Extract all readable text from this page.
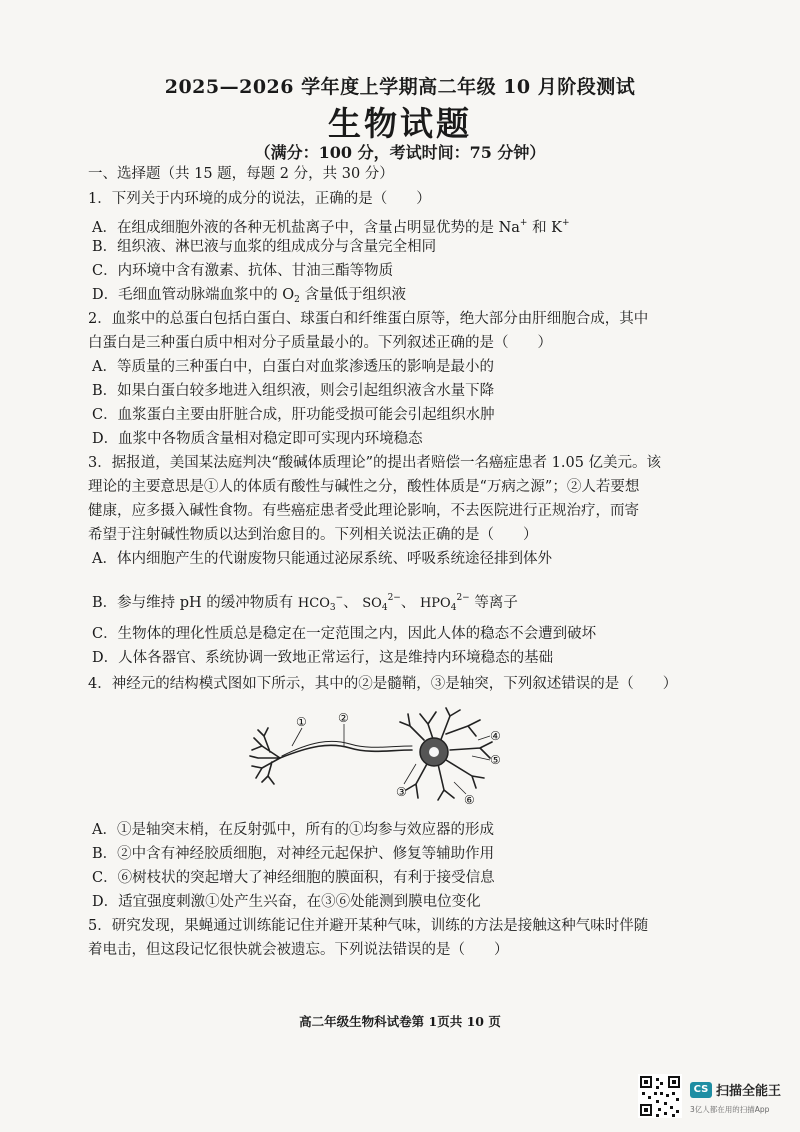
2025—2026 学年度上学期高二年级 10 月阶段测试
生物试题
（满分：100 分，考试时间：75 分钟）
一、选择题（共 15 题，每题 2 分，共 30 分）
1．下列关于内环境的成分的说法，正确的是（　　）
A．在组成细胞外液的各种无机盐离子中，含量占明显优势的是 Na+ 和 K+
B．组织液、淋巴液与血浆的组成成分与含量完全相同
C．内环境中含有激素、抗体、甘油三酯等物质
D．毛细血管动脉端血浆中的 $O_2$ 含量低于组织液
2．血浆中的总蛋白包括白蛋白、球蛋白和纤维蛋白原等，绝大部分由肝细胞合成，其中
白蛋白是三种蛋白质中相对分子质量最小的。下列叙述正确的是（　　）
A．等质量的三种蛋白中，白蛋白对血浆渗透压的影响是最小的
B．如果白蛋白较多地进入组织液，则会引起组织液含水量下降
C．血浆蛋白主要由肝脏合成，肝功能受损可能会引起组织水肿
D．血浆中各物质含量相对稳定即可实现内环境稳态
3．据报道，美国某法庭判决“酸碱体质理论”的提出者赔偿一名癌症患者 1.05 亿美元。该
理论的主要意思是①人的体质有酸性与碱性之分，酸性体质是“万病之源”；②人若要想
健康，应多摄入碱性食物。有些癌症患者受此理论影响，不去医院进行正规治疗，而寄
希望于注射碱性物质以达到治愈目的。下列相关说法正确的是（　　）
A．体内细胞产生的代谢废物只能通过泌尿系统、呼吸系统途径排到体外
B．参与维持 pH 的缓冲物质有 $HCO_3^-$、 $SO_4^{2-}$、 $HPO_4^{2-}$ 等离子
C．生物体的理化性质总是稳定在一定范围之内，因此人体的稳态不会遭到破坏
D．人体各器官、系统协调一致地正常运行，这是维持内环境稳态的基础
4．神经元的结构模式图如下所示，其中的②是髓鞘，③是轴突，下列叙述错误的是（　　）
①	②
③
④
⑤
⑥
A．①是轴突末梢，在反射弧中，所有的①均参与效应器的形成
B．②中含有神经胶质细胞，对神经元起保护、修复等辅助作用
C．⑥树枝状的突起增大了神经细胞的膜面积，有利于接受信息
D．适宜强度刺激①处产生兴奋，在③⑥处能测到膜电位变化
5．研究发现，果蝇通过训练能记住并避开某种气味，训练的方法是接触这种气味时伴随
着电击，但这段记忆很快就会被遗忘。下列说法错误的是（　　）
高二年级生物科试卷第 1页共 10 页
CS 扫描全能王
3亿人都在用的扫描App
